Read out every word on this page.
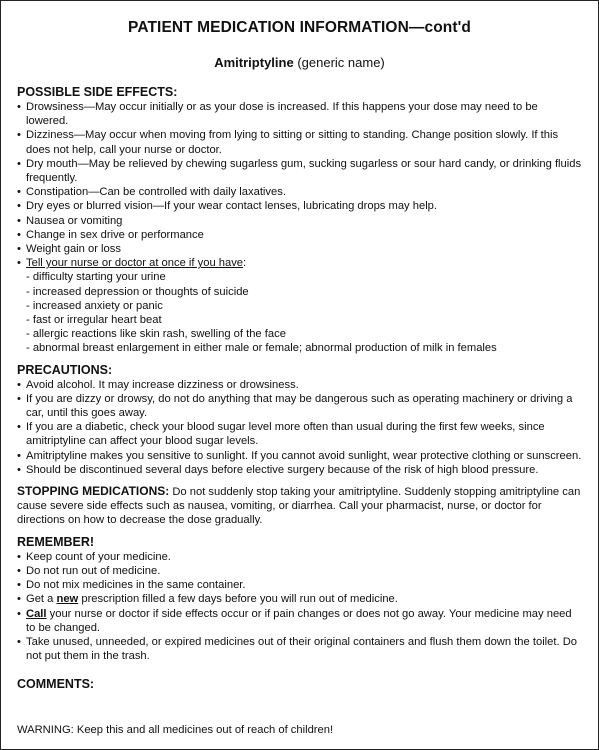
PATIENT MEDICATION INFORMATION—cont'd
Amitriptyline (generic name)
POSSIBLE SIDE EFFECTS:
• Drowsiness—May occur initially or as your dose is increased. If this happens your dose may need to be lowered.
• Dizziness—May occur when moving from lying to sitting or sitting to standing. Change position slowly. If this does not help, call your nurse or doctor.
• Dry mouth—May be relieved by chewing sugarless gum, sucking sugarless or sour hard candy, or drinking fluids frequently.
• Constipation—Can be controlled with daily laxatives.
• Dry eyes or blurred vision—If your wear contact lenses, lubricating drops may help.
• Nausea or vomiting
• Change in sex drive or performance
• Weight gain or loss
• Tell your nurse or doctor at once if you have:
- difficulty starting your urine
- increased depression or thoughts of suicide
- increased anxiety or panic
- fast or irregular heart beat
- allergic reactions like skin rash, swelling of the face
- abnormal breast enlargement in either male or female; abnormal production of milk in females
PRECAUTIONS:
• Avoid alcohol. It may increase dizziness or drowsiness.
• If you are dizzy or drowsy, do not do anything that may be dangerous such as operating machinery or driving a car, until this goes away.
• If you are a diabetic, check your blood sugar level more often than usual during the first few weeks, since amitriptyline can affect your blood sugar levels.
• Amitriptyline makes you sensitive to sunlight. If you cannot avoid sunlight, wear protective clothing or sunscreen.
• Should be discontinued several days before elective surgery because of the risk of high blood pressure.
STOPPING MEDICATIONS: Do not suddenly stop taking your amitriptyline. Suddenly stopping amitriptyline can cause severe side effects such as nausea, vomiting, or diarrhea. Call your pharmacist, nurse, or doctor for directions on how to decrease the dose gradually.
REMEMBER!
• Keep count of your medicine.
• Do not run out of medicine.
• Do not mix medicines in the same container.
• Get a new prescription filled a few days before you will run out of medicine.
• Call your nurse or doctor if side effects occur or if pain changes or does not go away. Your medicine may need to be changed.
• Take unused, unneeded, or expired medicines out of their original containers and flush them down the toilet. Do not put them in the trash.
COMMENTS:
WARNING: Keep this and all medicines out of reach of children!
